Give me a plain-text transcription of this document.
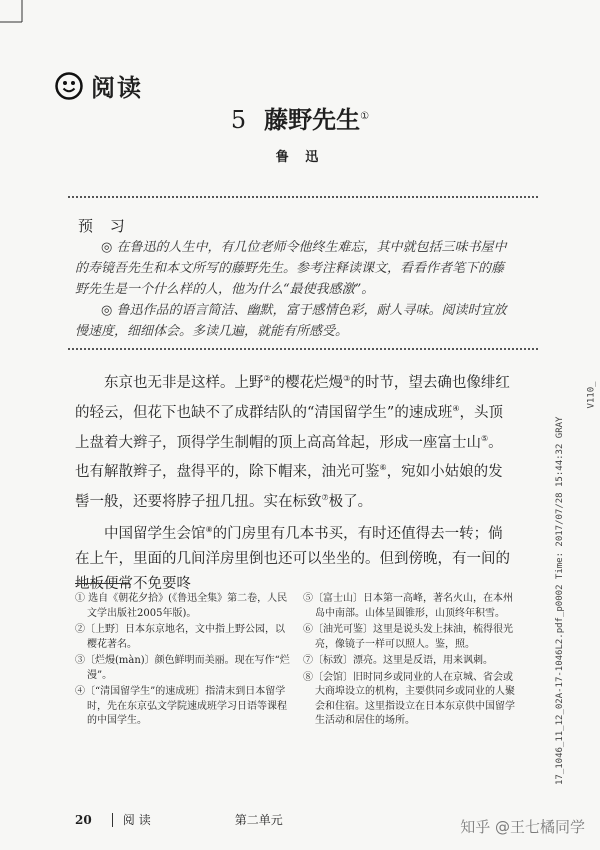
阅读
5 藤野先生①
鲁 迅
预 习

◎ 在鲁迅的人生中，有几位老师令他终生难忘，其中就包括三味书屋中的寿镜吾先生和本文所写的藤野先生。参考注释读课文，看看作者笔下的藤野先生是一个什么样的人，他为什么“最使我感激”。

◎ 鲁迅作品的语言简洁、幽默，富于感情色彩，耐人寻味。阅读时宜放慢速度，细细体会。多读几遍，就能有所感受。

东京也无非是这样。上野②的樱花烂熳③的时节，望去确也像绯红的轻云，但花下也缺不了成群结队的“清国留学生”的速成班④，头顶上盘着大辫子，顶得学生制帽的顶上高高耸起，形成一座富士山⑤。也有解散辫子，盘得平的，除下帽来，油光可鉴⑥，宛如小姑娘的发髻一般，还要将脖子扭几扭。实在标致⑦极了。

中国留学生会馆⑧的门房里有几本书买，有时还值得去一转；倘在上午，里面的几间洋房里倒也还可以坐坐的。但到傍晚，有一间的地板便常不免要咚

① 选自《朝花夕拾》(《鲁迅全集》第二卷，人民文学出版社2005年版)。
②〔上野〕日本东京地名，文中指上野公园，以樱花著名。
③〔烂熳(màn)〕颜色鲜明而美丽。现在写作“烂漫”。
④〔“清国留学生”的速成班〕指清末到日本留学时，先在东京弘文学院速成班学习日语等课程的中国学生。
⑤〔富士山〕日本第一高峰，著名火山，在本州岛中南部。山体呈圆锥形，山顶终年积雪。
⑥〔油光可鉴〕这里是说头发上抹油，梳得很光亮，像镜子一样可以照人。鉴，照。
⑦〔标致〕漂亮。这里是反语，用来讽刺。
⑧〔会馆〕旧时同乡或同业的人在京城、省会或大商埠设立的机构，主要供同乡或同业的人聚会和住宿。这里指设立在日本东京供中国留学生活动和居住的场所。
20	阅读	第二单元
V110_
17_1046_11_12_02A-17-1046L2.pdf_p0002 Time: 2017/07/28 15:44:32 GRAY
知乎 @王七橘同学
